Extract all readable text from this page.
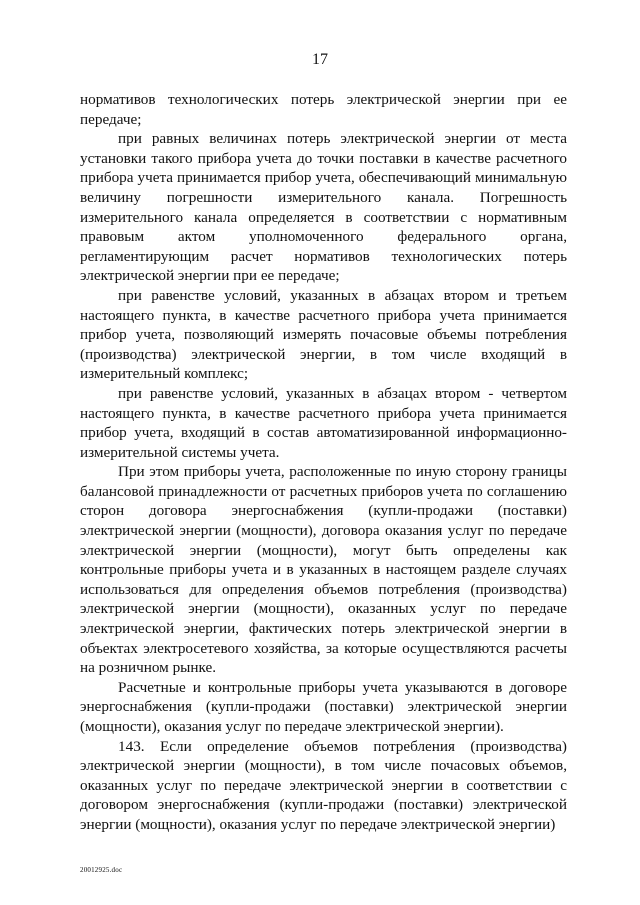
17

нормативов технологических потерь электрической энергии при ее передаче;

при равных величинах потерь электрической энергии от места установки такого прибора учета до точки поставки в качестве расчетного прибора учета принимается прибор учета, обеспечивающий минимальную величину погрешности измерительного канала. Погрешность измерительного канала определяется в соответствии с нормативным правовым актом уполномоченного федерального органа, регламентирующим расчет нормативов технологических потерь электрической энергии при ее передаче;

при равенстве условий, указанных в абзацах втором и третьем настоящего пункта, в качестве расчетного прибора учета принимается прибор учета, позволяющий измерять почасовые объемы потребления (производства) электрической энергии, в том числе входящий в измерительный комплекс;

при равенстве условий, указанных в абзацах втором - четвертом настоящего пункта, в качестве расчетного прибора учета принимается прибор учета, входящий в состав автоматизированной информационно-измерительной системы учета.

При этом приборы учета, расположенные по иную сторону границы балансовой принадлежности от расчетных приборов учета по соглашению сторон договора энергоснабжения (купли-продажи (поставки) электрической энергии (мощности), договора оказания услуг по передаче электрической энергии (мощности), могут быть определены как контрольные приборы учета и в указанных в настоящем разделе случаях использоваться для определения объемов потребления (производства) электрической энергии (мощности), оказанных услуг по передаче электрической энергии, фактических потерь электрической энергии в объектах электросетевого хозяйства, за которые осуществляются расчеты на розничном рынке.

Расчетные и контрольные приборы учета указываются в договоре энергоснабжения (купли-продажи (поставки) электрической энергии (мощности), оказания услуг по передаче электрической энергии).

143. Если определение объемов потребления (производства) электрической энергии (мощности), в том числе почасовых объемов, оказанных услуг по передаче электрической энергии в соответствии с договором энергоснабжения (купли-продажи (поставки) электрической энергии (мощности), оказания услуг по передаче электрической энергии)

20012925.doc
